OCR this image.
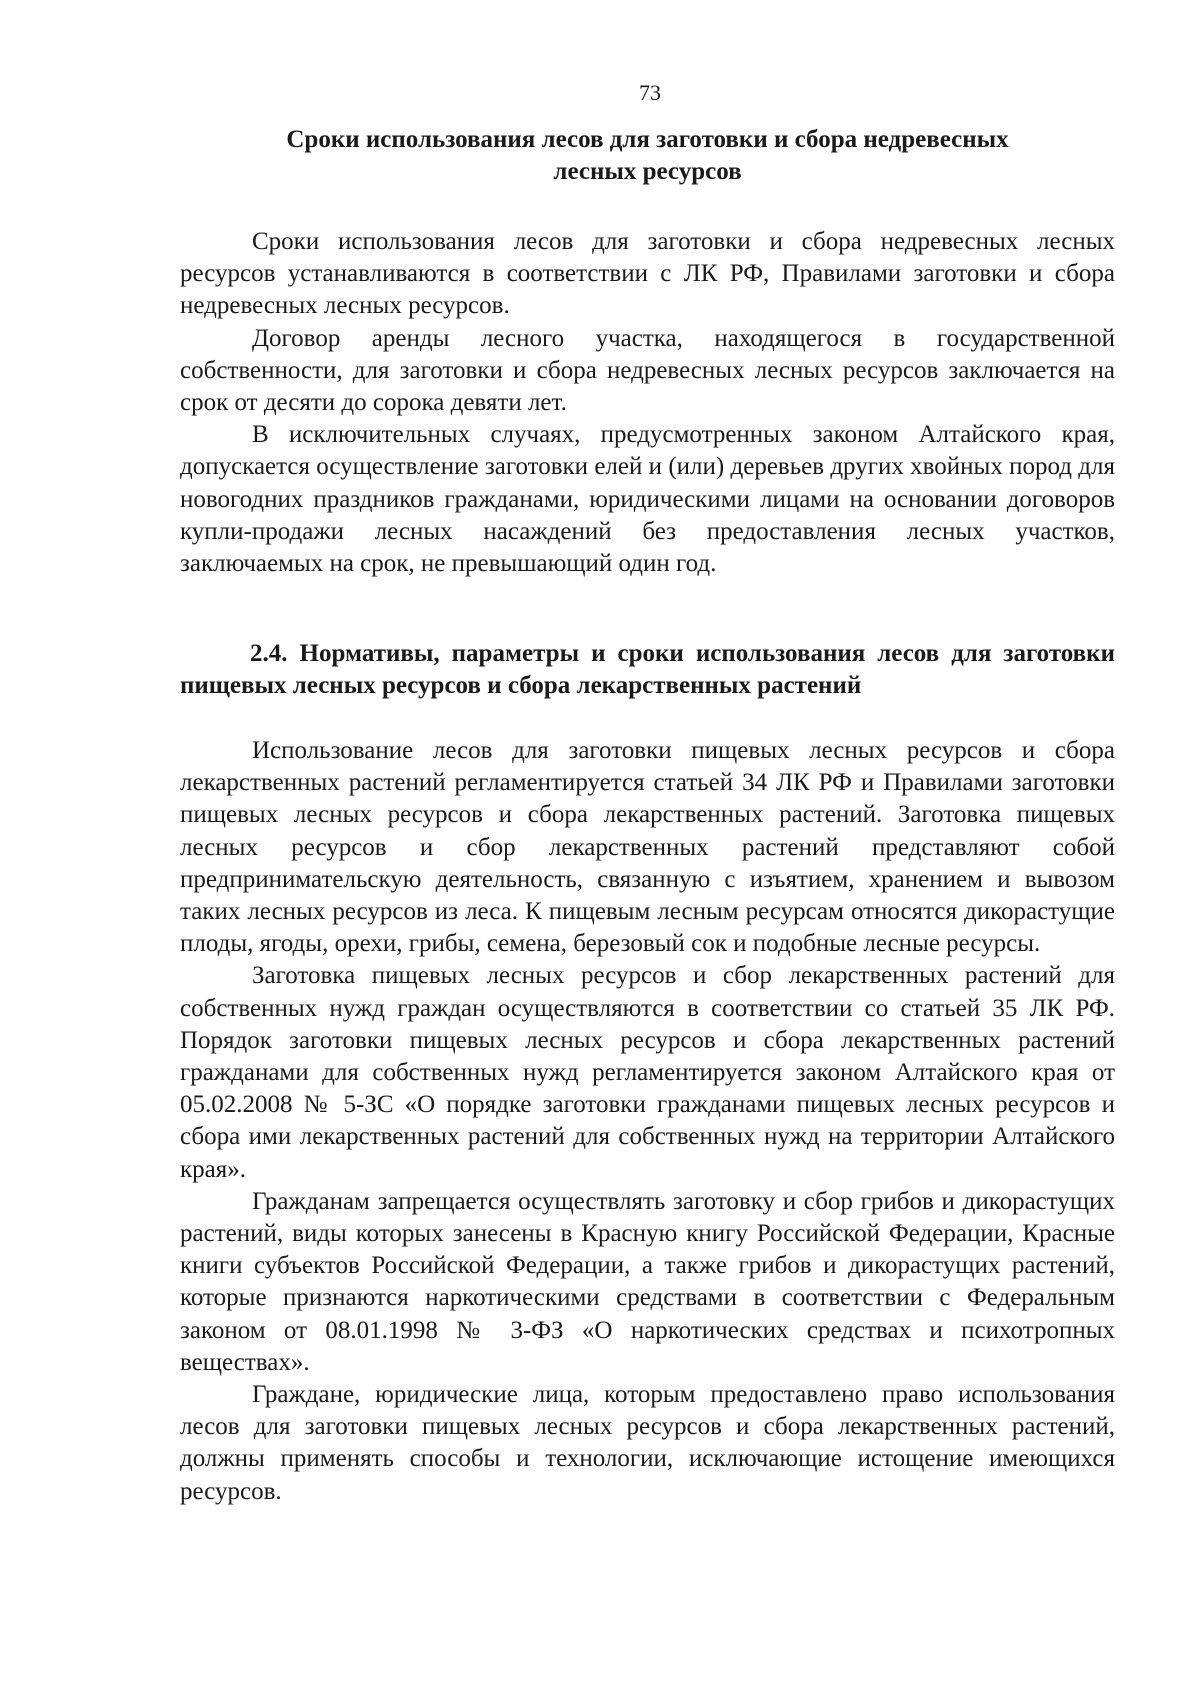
73
Сроки использования лесов для заготовки и сбора недревесных
лесных ресурсов

Сроки использования лесов для заготовки и сбора недревесных лесных ресурсов устанавливаются в соответствии с ЛК РФ, Правилами заготовки и сбора недревесных лесных ресурсов.

Договор аренды лесного участка, находящегося в государственной собственности, для заготовки и сбора недревесных лесных ресурсов заключается на срок от десяти до сорока девяти лет.

В исключительных случаях, предусмотренных законом Алтайского края, допускается осуществление заготовки елей и (или) деревьев других хвойных пород для новогодних праздников гражданами, юридическими лицами на основании договоров купли-продажи лесных насаждений без предоставления лесных участков, заключаемых на срок, не превышающий один год.

2.4. Нормативы, параметры и сроки использования лесов для заготовки пищевых лесных ресурсов и сбора лекарственных растений

Использование лесов для заготовки пищевых лесных ресурсов и сбора лекарственных растений регламентируется статьей 34 ЛК РФ и Правилами заготовки пищевых лесных ресурсов и сбора лекарственных растений. Заготовка пищевых лесных ресурсов и сбор лекарственных растений представляют собой предпринимательскую деятельность, связанную с изъятием, хранением и вывозом таких лесных ресурсов из леса. К пищевым лесным ресурсам относятся дикорастущие плоды, ягоды, орехи, грибы, семена, березовый сок и подобные лесные ресурсы.

Заготовка пищевых лесных ресурсов и сбор лекарственных растений для собственных нужд граждан осуществляются в соответствии со статьей 35 ЛК РФ. Порядок заготовки пищевых лесных ресурсов и сбора лекарственных растений гражданами для собственных нужд регламентируется законом Алтайского края от 05.02.2008 № 5-ЗС «О порядке заготовки гражданами пищевых лесных ресурсов и сбора ими лекарственных растений для собственных нужд на территории Алтайского края».

Гражданам запрещается осуществлять заготовку и сбор грибов и дикорастущих растений, виды которых занесены в Красную книгу Российской Федерации, Красные книги субъектов Российской Федерации, а также грибов и дикорастущих растений, которые признаются наркотическими средствами в соответствии с Федеральным законом от 08.01.1998 № 3-ФЗ «О наркотических средствах и психотропных веществах».

Граждане, юридические лица, которым предоставлено право использования лесов для заготовки пищевых лесных ресурсов и сбора лекарственных растений, должны применять способы и технологии, исключающие истощение имеющихся ресурсов.
